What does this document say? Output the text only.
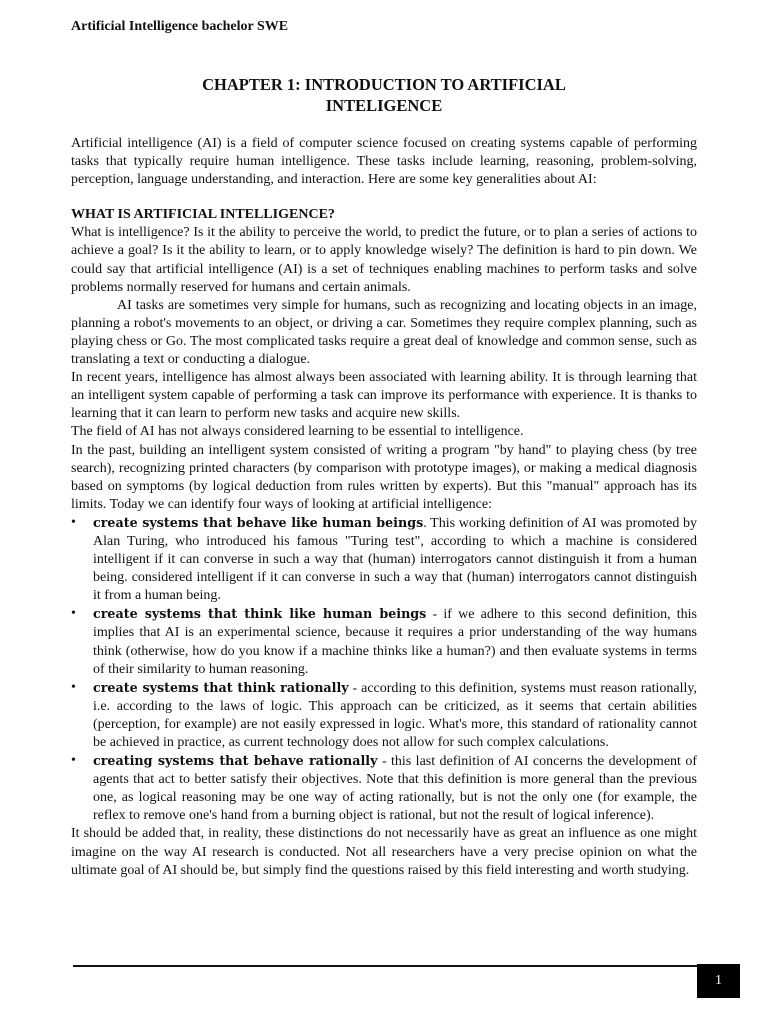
Artificial Intelligence bachelor SWE
CHAPTER 1: INTRODUCTION TO ARTIFICIAL
INTELIGENCE

Artificial intelligence (AI) is a field of computer science focused on creating systems capable of performing tasks that typically require human intelligence. These tasks include learning, reasoning, problem-solving, perception, language understanding, and interaction. Here are some key generalities about AI:

WHAT IS ARTIFICIAL INTELLIGENCE?

What is intelligence? Is it the ability to perceive the world, to predict the future, or to plan a series of actions to achieve a goal? Is it the ability to learn, or to apply knowledge wisely? The definition is hard to pin down. We could say that artificial intelligence (AI) is a set of techniques enabling machines to perform tasks and solve problems normally reserved for humans and certain animals.

AI tasks are sometimes very simple for humans, such as recognizing and locating objects in an image, planning a robot's movements to an object, or driving a car. Sometimes they require complex planning, such as playing chess or Go. The most complicated tasks require a great deal of knowledge and common sense, such as translating a text or conducting a dialogue.

In recent years, intelligence has almost always been associated with learning ability. It is through learning that an intelligent system capable of performing a task can improve its performance with experience. It is thanks to learning that it can learn to perform new tasks and acquire new skills.

The field of AI has not always considered learning to be essential to intelligence.

In the past, building an intelligent system consisted of writing a program "by hand" to playing chess (by tree search), recognizing printed characters (by comparison with prototype images), or making a medical diagnosis based on symptoms (by logical deduction from rules written by experts). But this "manual" approach has its limits. Today we can identify four ways of looking at artificial intelligence:

• create systems that behave like human beings. This working definition of AI was promoted by Alan Turing, who introduced his famous "Turing test", according to which a machine is considered intelligent if it can converse in such a way that (human) interrogators cannot distinguish it from a human being. considered intelligent if it can converse in such a way that (human) interrogators cannot distinguish it from a human being.
• create systems that think like human beings - if we adhere to this second definition, this implies that AI is an experimental science, because it requires a prior understanding of the way humans think (otherwise, how do you know if a machine thinks like a human?) and then evaluate systems in terms of their similarity to human reasoning.
• create systems that think rationally - according to this definition, systems must reason rationally, i.e. according to the laws of logic. This approach can be criticized, as it seems that certain abilities (perception, for example) are not easily expressed in logic. What's more, this standard of rationality cannot be achieved in practice, as current technology does not allow for such complex calculations.
• creating systems that behave rationally - this last definition of AI concerns the development of agents that act to better satisfy their objectives. Note that this definition is more general than the previous one, as logical reasoning may be one way of acting rationally, but is not the only one (for example, the reflex to remove one's hand from a burning object is rational, but not the result of logical inference).

It should be added that, in reality, these distinctions do not necessarily have as great an influence as one might imagine on the way AI research is conducted. Not all researchers have a very precise opinion on what the ultimate goal of AI should be, but simply find the questions raised by this field interesting and worth studying.

1
